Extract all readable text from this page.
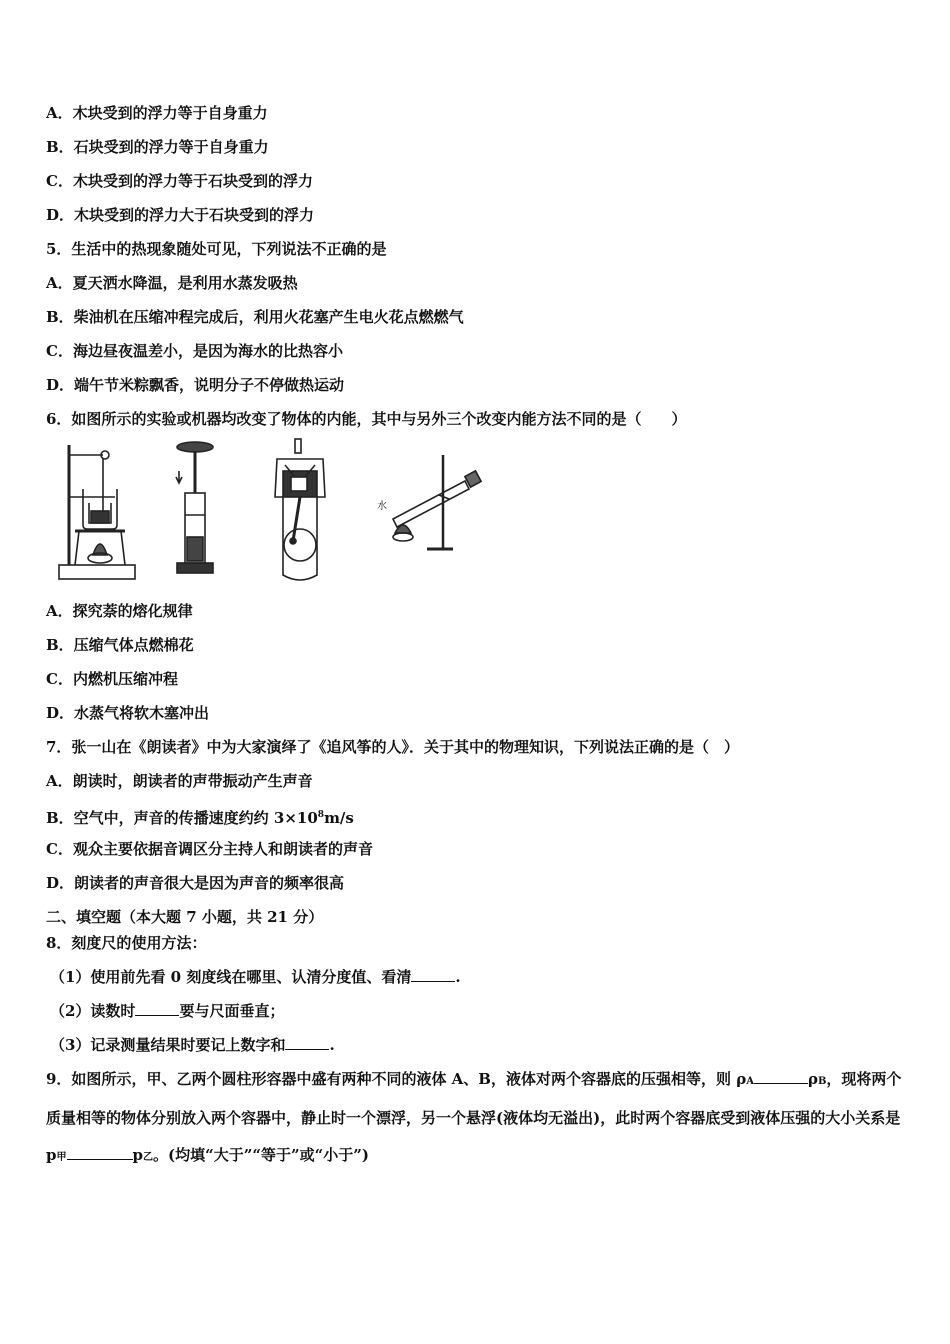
A．木块受到的浮力等于自身重力
B．石块受到的浮力等于自身重力
C．木块受到的浮力等于石块受到的浮力
D．木块受到的浮力大于石块受到的浮力
5．生活中的热现象随处可见，下列说法不正确的是
A．夏天洒水降温，是利用水蒸发吸热
B．柴油机在压缩冲程完成后，利用火花塞产生电火花点燃燃气
C．海边昼夜温差小，是因为海水的比热容小
D．端午节米粽飘香，说明分子不停做热运动
6．如图所示的实验或机器均改变了物体的内能，其中与另外三个改变内能方法不同的是（　　）
水
A．探究萘的熔化规律
B．压缩气体点燃棉花
C．内燃机压缩冲程
D．水蒸气将软木塞冲出
7．张一山在《朗读者》中为大家演绎了《追风筝的人》．关于其中的物理知识，下列说法正确的是（　）
A．朗读时，朗读者的声带振动产生声音
B．空气中，声音的传播速度约约 $3\times 10^8m/s$
C．观众主要依据音调区分主持人和朗读者的声音
D．朗读者的声音很大是因为声音的频率很高
二、填空题（本大题 7 小题，共 21 分）
8．刻度尺的使用方法：
（1）使用前先看 0 刻度线在哪里、认清分度值、看清	.
（2）读数时	要与尺面垂直；
（3）记录测量结果时要记上数字和	.
9．如图所示，甲、乙两个圆柱形容器中盛有两种不同的液体 A、B，液体对两个容器底的压强相等，则 ρA	ρB，现将两个质量相等的物体分别放入两个容器中，静止时一个漂浮，另一个悬浮(液体均无溢出)，此时两个容器底受到液体压强的大小关系是 p甲	p乙。(均填“大于”“等于”或“小于”)
